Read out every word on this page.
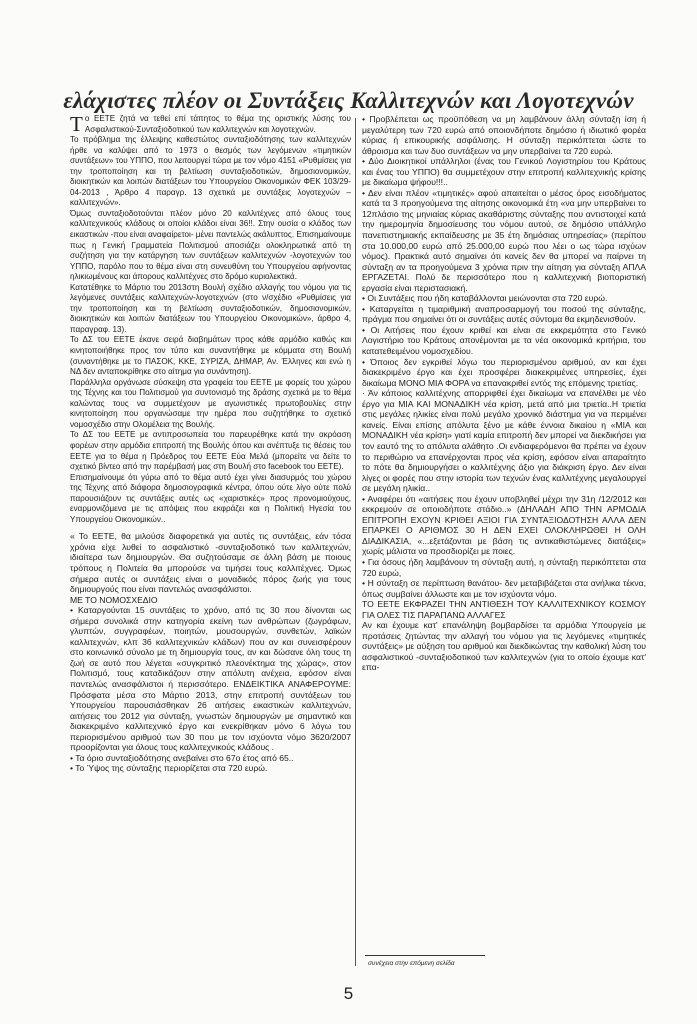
ελάχιστες πλέον οι Συντάξεις Καλλιτεχνών και Λογοτεχνών

Το ΕΕΤΕ ζητά να τεθεί επί τάπητος το θέμα της οριστικής λύσης του Ασφαλιστικού-Συνταξιοδοτικού των καλλιτεχνών και λογοτεχνών.

Το πρόβλημα της έλλειψης καθεστώτος συνταξιοδότησης των καλλιτεχνών ήρθε να καλύψει από το 1973 ο θεσμός των λεγόμενων «τιμητικών συντάξεων» του ΥΠΠΟ, που λειτουργεί τώρα με τον νόμο 4151 «Ρυθμίσεις για την τροποποίηση και τη βελτίωση συνταξιοδοτικών, δημοσιονομικών, διοικητικών και λοιπών διατάξεων του Υπουργείου Οικονομικών ΦΕΚ 103/29-04-2013 , Άρθρο 4 παραγρ. 13 σχετικά με συντάξεις λογοτεχνών – καλλιτεχνών».

Όμως συνταξιοδοτούνται πλέον μόνο 20 καλλιτέχνες από όλους τους καλλιτεχνικούς κλάδους οι οποίοι κλάδοι είναι 36!!. Στην ουσία ο κλάδος των εικαστικών -που είναι αναφαίρετοι- μένει παντελώς ακάλυπτος. Επισημαίνουμε πως η Γενική Γραμματεία Πολιτισμού αποσιάζει ολοκληρωτικά από τη συζήτηση για την κατάργηση των συντάξεων καλλιτεχνών -λογοτεχνών του ΥΠΠΟ, παρόλο που το θέμα είναι στη συνευθύνη του Υπουργείου αφήνοντας ηλικιωμένους και άπορους καλλιτέχνες στο δρόμο κυριολεκτικά.

Κατατέθηκε το Μάρτιο του 2013στη Βουλή σχέδιο αλλαγής του νόμου για τις λεγόμενες συντάξεις καλλιτεχνών-λογοτεχνών (στο ν/σχέδιο «Ρυθμίσεις για την τροποποίηση και τη βελτίωση συνταξιοδοτικών, δημοσιονομικών, διοικητικών και λοιπών διατάξεων του Υπουργείου Οικονομικών», άρθρο 4, παραγραφ. 13).

Το ΔΣ του ΕΕΤΕ έκανε σειρά διαβημάτων προς κάθε αρμόδιο καθώς και κινητοποιήθηκε προς τον τύπο και συναντήθηκε με κόμματα στη Βουλή (συναντήθηκε με το ΠΑΣΟΚ, ΚΚΕ, ΣΥΡΙΖΑ, ΔΗΜΑΡ, Αν. Έλληνες και ενώ η ΝΔ δεν ανταποκρίθηκε στο αίτημα για συνάντηση).

Παράλληλα οργάνωσε σύσκεψη στα γραφεία του ΕΕΤΕ με φορείς του χώρου της Τέχνης και του Πολιτισμού για συντονισμό της δράσης σχετικά με το θέμα καλώντας τους να συμμετέχουν με αγωνιστικές πρωτοβουλίες στην κινητοποίηση που οργανώσαμε την ημέρα που συζητήθηκε το σχετικό νομοσχέδιο στην Ολομέλεια της Βουλής.

Το ΔΣ του ΕΕΤΕ με αντιπροσωπεία του παρευρέθηκε κατά την ακρόαση φορέων στην αρμόδια επιτροπή της Βουλής όπου και ανέπτυξε τις θέσεις του ΕΕΤΕ για το θέμα η Πρόεδρος του ΕΕΤΕ Εύα Μελά (μπορείτε να δείτε το σχετικό βίντεο από την παρέμβασή μας στη Βουλή στο facebook του ΕΕΤΕ).

Επισημαίνουμε ότι γύρω από το θέμα αυτό έχει γίνει διασυρμός του χώρου της Τέχνης από διάφορα δημοσιογραφικά κέντρα, όπου ούτε λίγο ούτε πολύ παρουσιάζουν τις συντάξεις αυτές ως «χαριστικές» προς προνομιούχους, εναρμονιζόμενα με τις απόψεις που εκφράζει και η Πολιτική Ηγεσία του Υπουργείου Οικονομικών..

« Το ΕΕΤΕ, θα μιλούσε διαφορετικά για αυτές τις συντάξεις, εάν τόσα χρόνια είχε λυθεί το ασφαλιστικό -συνταξιοδοτικό των καλλιτεχνών, ιδιαίτερα των δημιουργών. Θα συζητούσαμε σε άλλη βάση με ποιους τρόπους η Πολιτεία θα μπορούσε να τιμήσει τους καλλιτέχνες. Όμως σήμερα αυτές οι συντάξεις είναι ο μοναδικός πόρος ζωής για τους δημιουργούς που είναι παντελώς ανασφάλιστοι.

ΜΕ ΤΟ ΝΟΜΟΣΧΕΔΙΟ

• Καταργούνται 15 συντάξεις το χρόνο, από τις 30 που δίνονται ως σήμερα συνολικά στην κατηγορία εκείνη των ανθρώπων (ζωγράφων, γλυπτών, συγγραφέων, ποιητών, μουσουργών, συνθετών, λαϊκών καλλιτεχνών, κλπ 36 καλλιτεχνικών κλάδων) που αν και συνεισφέρουν στο κοινωνικό σύνολο με τη δημιουργία τους, αν και δώσανε όλη τους τη ζωή σε αυτό που λέγεται «συγκριτικό πλεονέκτημα της χώρας», στον Πολιτισμό, τους καταδικάζουν στην απόλυτη ανέχεια, εφόσον είναι παντελώς ανασφάλιστοι ή περισσότερο. ΕΝΔΕΙΚΤΙΚΑ ΑΝΑΦΕΡΟΥΜΕ: Πρόσφατα μέσα στο Μάρτιο 2013, στην επιτροπή συντάξεων του Υπουργείου παρουσιάσθηκαν 26 αιτήσεις εικαστικών καλλιτεχνών, αιτήσεις του 2012 για σύνταξη, γνωστών δημιουργών με σημαντικό και διακεκριμένο καλλιτεχνικό έργο και ενεκρίθηκαν μόνο 6 λόγω του περιορισμένου αριθμού των 30 που με τον ισχύοντα νόμο 3620/2007 προορίζονται για όλους τους καλλιτεχνικούς κλάδους .

• Τα όριο συνταξιοδότησης ανεβαίνει στο 67ο έτος από 65..

• Το Ύψος της σύνταξης περιορίζεται στα 720 ευρώ.

• Προβλέπεται ως προϋπόθεση να μη λαμβάνουν άλλη σύνταξη ίση ή μεγαλύτερη των 720 ευρώ από οποιονδήποτε δημόσιο ή ιδιωτικό φορέα κύριας ή επικουρικής ασφάλισης. Η σύνταξη περικόπτεται ώστε το άθροισμα και των δυο συντάξεων να μην υπερβαίνει τα 720 ευρώ.

• Δύο Διοικητικοί υπάλληλοι (ένας του Γενικού Λογιστηρίου του Κράτους και ένας του ΥΠΠΟ) θα συμμετέχουν στην επιτροπή καλλιτεχνικής κρίσης με δικαίωμα ψήφου!!!..

• Δεν είναι πλέον «τιμητικές» αφού απαιτείται ο μέσος όρος εισοδήματος κατά τα 3 προηγούμενα της αίτησης οικονομικά έτη «να μην υπερβαίνει το 12πλάσιο της μηνιαίας κύριας ακαθάριστης σύνταξης που αντιστοιχεί κατά την ημερομηνία δημοσίευσης του νόμου αυτού, σε δημόσιο υπάλληλο πανεπιστημιακής εκπαίδευσης με 35 έτη δημόσιας υπηρεσίας» (περίπου στα 10.000,00 ευρώ από 25.000,00 ευρώ που λέει ο ως τώρα ισχύων νόμος). Πρακτικά αυτό σημαίνει ότι κανείς δεν θα μπορεί να παίρνει τη σύνταξη αν τα προηγούμενα 3 χρόνια πριν την αίτηση για σύνταξη ΑΠΛΑ ΕΡΓΑΖΕΤΑΙ. Πολύ δε περισσότερο που η καλλιτεχνική βιοποριστική εργασία είναι περιστασιακή.

• Οι Συντάξεις που ήδη καταβάλλονται μειώνονται στα 720 ευρώ.

• Καταργείται η τιμαριθμική αναπροσαρμογή του ποσού της σύνταξης, πράγμα που σημαίνει ότι οι συντάξεις αυτές σύντομα θα εκμηδενισθούν.

• Οι Αιτήσεις που έχουν κριθεί και είναι σε εκκρεμότητα στο Γενικό Λογιστήριο του Κράτους απονέμονται με τα νέα οικονομικά κριτήρια, του κατατεθειμένου νομοσχεδίου.

• Όποιος δεν εγκριθεί λόγω του περιορισμένου αριθμού, αν και έχει διακεκριμένο έργο και έχει προσφέρει διακεκριμένες υπηρεσίες, έχει δικαίωμα ΜΟΝΟ ΜΙΑ ΦΟΡΑ να επανακριθεί εντός της επόμενης τριετίας.

· Άν κάποιος καλλιτέχνης απορριφθεί έχει δικαίωμα να επανέλθει με νέο έργο για ΜΙΑ ΚΑΙ ΜΟΝΑΔΙΚΗ νέα κρίση, μετά από μια τριετία..Η τριετία στις μεγάλες ηλικίες είναι πολύ μεγάλο χρονικό διάστημα για να περιμένει κανείς. Είναι επίσης απόλυτα ξένο με κάθε έννοια δικαίου η «ΜΙΑ και ΜΟΝΑΔΙΚΗ νέα κρίση» γιατί καμία επιτροπή δεν μπορεί να διεκδικήσει για τον εαυτό της το απόλυτα αλάθητο .Οι ενδιαφερόμενοι θα πρέπει να έχουν το περιθώριο να επανέρχονται προς νέα κρίση, εφόσον είναι απαραίτητο το πότε θα δημιουργήσει ο καλλιτέχνης άξιο για διάκριση έργο. Δεν είναι λίγες οι φορές που στην ιστορία των τεχνών ένας καλλιτέχνης μεγαλουργεί σε μεγάλη ηλικία..

• Αναφέρει ότι «αιτήσεις που έχουν υποβληθεί μέχρι την 31η /12/2012 και εκκρεμούν σε οποιοδήποτε στάδιο..» (ΔΗΛΑΔΗ ΑΠΟ ΤΗΝ ΑΡΜΟΔΙΑ ΕΠΙΤΡΟΠΗ ΕΧΟΥΝ ΚΡΙΘΕΙ ΑΞΙΟΙ ΓΙΑ ΣΥΝΤΑΞΙΟΔΟΤΗΣΗ ΑΛΛΑ ΔΕΝ ΕΠΑΡΚΕΙ Ο ΑΡΙΘΜΟΣ 30 Η ΔΕΝ ΕΧΕΙ ΟΛΟΚΛΗΡΩΘΕΙ Η ΟΛΗ ΔΙΑΔΙΚΑΣΙΑ, «...εξετάζονται με βάση τις αντικαθιστώμενες διατάξεις» χωρίς μάλιστα να προσδιορίζει με ποιες.

• Για όσους ήδη λαμβάνουν τη σύνταξη αυτή, η σύνταξη περικόπτεται στα 720 ευρώ,

• Η σύνταξη σε περίπτωση θανάτου- δεν μεταβιβάζεται στα ανήλικα τέκνα, όπως συμβαίνει άλλωστε και με τον ισχύοντα νόμο.

ΤΟ ΕΕΤΕ ΕΚΦΡΑΖΕΙ ΤΗΝ ΑΝΤΙΘΕΣΗ ΤΟΥ ΚΑΛΛΙΤΕΧΝΙΚΟΥ ΚΟΣΜΟΥ ΓΙΑ ΟΛΕΣ ΤΙΣ ΠΑΡΑΠΑΝΩ ΑΛΛΑΓΕΣ

Αν και έχουμε κατ' επανάληψη βομβαρδίσει τα αρμόδια Υπουργεία με προτάσεις ζητώντας την αλλαγή του νόμου για τις λεγόμενες «τιμητικές συντάξεις» με αύξηση του αριθμού και διεκδικώντας την καθολική λύση του ασφαλιστικού -συνταξιοδοτικού των καλλιτεχνών (για το οποίο έχουμε κατ' επα-

συνέχεια στην επόμενη σελίδα
5
